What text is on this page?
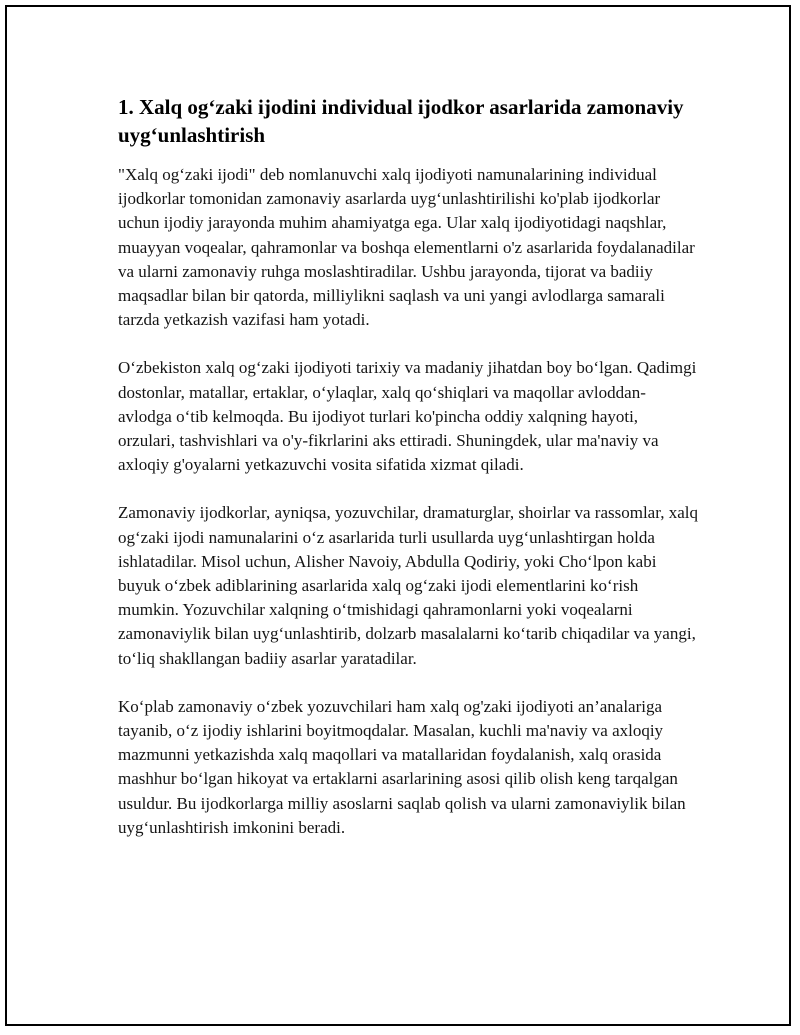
1. Xalq og‘zaki ijodini individual ijodkor asarlarida zamonaviy uyg‘unlashtirish

"Xalq og‘zaki ijodi" deb nomlanuvchi xalq ijodiyoti namunalarining individual ijodkorlar tomonidan zamonaviy asarlarda uyg‘unlashtirilishi ko'plab ijodkorlar uchun ijodiy jarayonda muhim ahamiyatga ega. Ular xalq ijodiyotidagi naqshlar, muayyan voqealar, qahramonlar va boshqa elementlarni o'z asarlarida foydalanadilar va ularni zamonaviy ruhga moslashtiradilar. Ushbu jarayonda, tijorat va badiiy maqsadlar bilan bir qatorda, milliylikni saqlash va uni yangi avlodlarga samarali tarzda yetkazish vazifasi ham yotadi.

O‘zbekiston xalq og‘zaki ijodiyoti tarixiy va madaniy jihatdan boy bo‘lgan. Qadimgi dostonlar, matallar, ertaklar, o‘ylaqlar, xalq qo‘shiqlari va maqollar avloddan-avlodga o‘tib kelmoqda. Bu ijodiyot turlari ko'pincha oddiy xalqning hayoti, orzulari, tashvishlari va o'y-fikrlarini aks ettiradi. Shuningdek, ular ma'naviy va axloqiy g'oyalarni yetkazuvchi vosita sifatida xizmat qiladi.

Zamonaviy ijodkorlar, ayniqsa, yozuvchilar, dramaturglar, shoirlar va rassomlar, xalq og‘zaki ijodi namunalarini o‘z asarlarida turli usullarda uyg‘unlashtirgan holda ishlatadilar. Misol uchun, Alisher Navoiy, Abdulla Qodiriy, yoki Cho‘lpon kabi buyuk o‘zbek adiblarining asarlarida xalq og‘zaki ijodi elementlarini ko‘rish mumkin. Yozuvchilar xalqning o‘tmishidagi qahramonlarni yoki voqealarni zamonaviylik bilan uyg‘unlashtirib, dolzarb masalalarni ko‘tarib chiqadilar va yangi, to‘liq shakllangan badiiy asarlar yaratadilar.

Ko‘plab zamonaviy o‘zbek yozuvchilari ham xalq og'zaki ijodiyoti an’analariga tayanib, o‘z ijodiy ishlarini boyitmoqdalar. Masalan, kuchli ma'naviy va axloqiy mazmunni yetkazishda xalq maqollari va matallaridan foydalanish, xalq orasida mashhur bo‘lgan hikoyat va ertaklarni asarlarining asosi qilib olish keng tarqalgan usuldur. Bu ijodkorlarga milliy asoslarni saqlab qolish va ularni zamonaviylik bilan uyg‘unlashtirish imkonini beradi.
